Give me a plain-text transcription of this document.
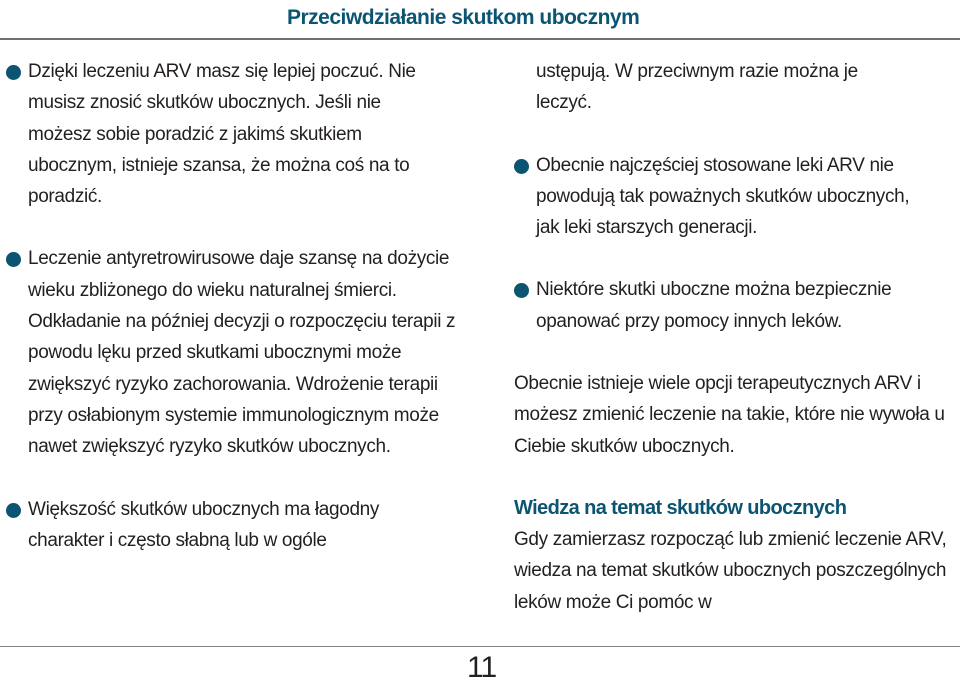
Przeciwdziałanie skutkom ubocznym
Dzięki leczeniu ARV masz się lepiej poczuć. Nie musisz znosić skutków ubocznych. Jeśli nie możesz sobie poradzić z jakimś skutkiem ubocznym, istnieje szansa, że można coś na to poradzić.
Leczenie antyretrowirusowe daje szansę na dożycie wieku zbliżonego do wieku naturalnej śmierci. Odkładanie na później decyzji o rozpoczęciu terapii z powodu lęku przed skutkami ubocznymi może zwiększyć ryzyko zachorowania. Wdrożenie terapii przy osłabionym systemie immunologicznym może nawet zwiększyć ryzyko skutków ubocznych.
Większość skutków ubocznych ma łagodny charakter i często słabną lub w ogóle
ustępują. W przeciwnym razie można je leczyć.
Obecnie najczęściej stosowane leki ARV nie powodują tak poważnych skutków ubocznych, jak leki starszych generacji.
Niektóre skutki uboczne można bezpiecznie opanować przy pomocy innych leków.
Obecnie istnieje wiele opcji terapeutycznych ARV i możesz zmienić leczenie na takie, które nie wywoła u Ciebie skutków ubocznych.
Wiedza na temat skutków ubocznych
Gdy zamierzasz rozpocząć lub zmienić leczenie ARV, wiedza na temat skutków ubocznych poszczególnych leków może Ci pomóc w
11
